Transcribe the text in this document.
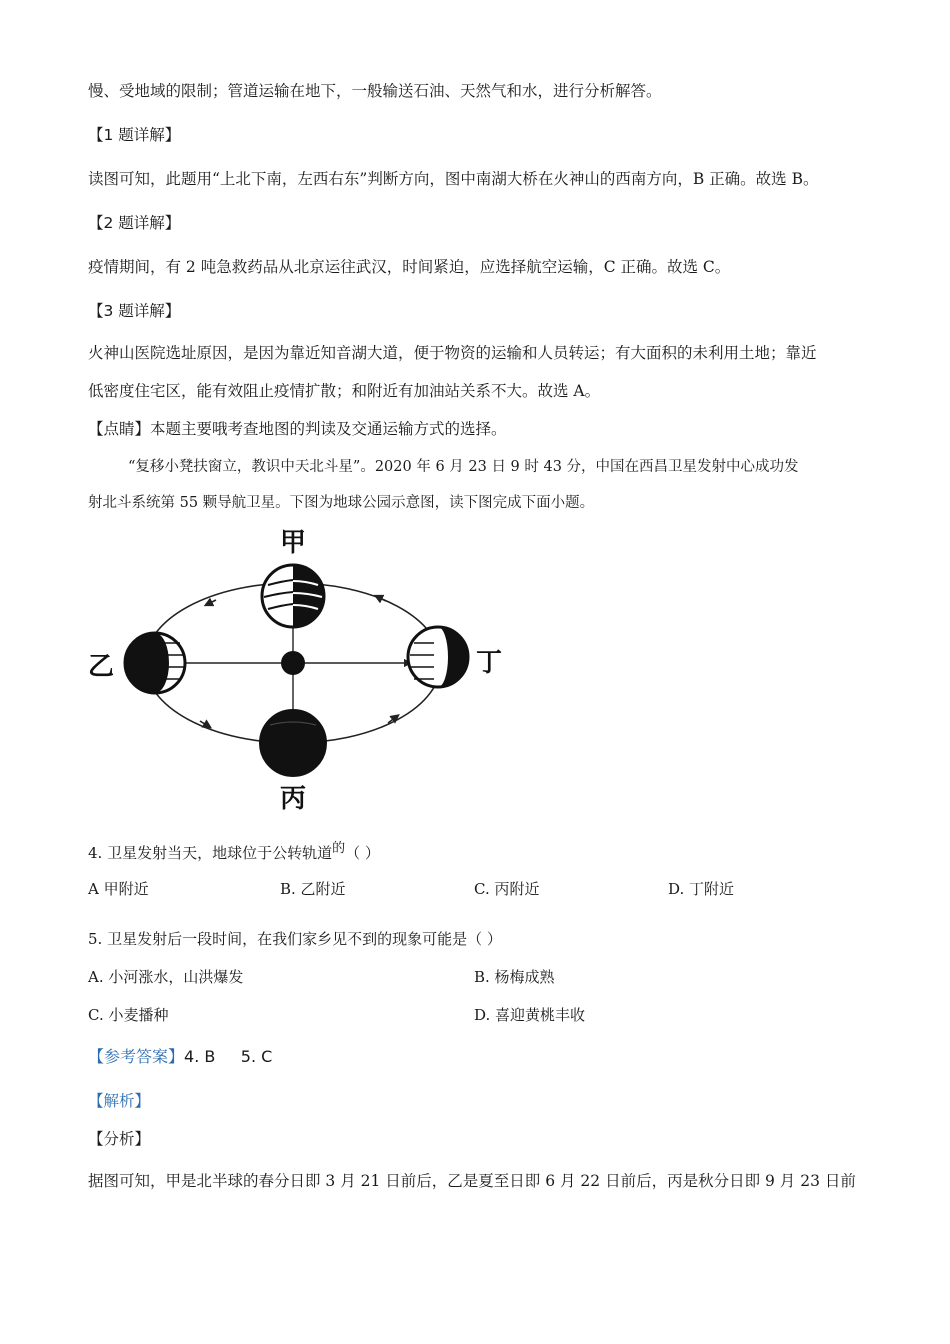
慢、受地域的限制；管道运输在地下，一般输送石油、天然气和水，进行分析解答。
【1 题详解】
读图可知，此题用“上北下南，左西右东”判断方向，图中南湖大桥在火神山的西南方向，B 正确。故选 B。
【2 题详解】
疫情期间，有 2 吨急救药品从北京运往武汉，时间紧迫，应选择航空运输，C 正确。故选 C。
【3 题详解】
火神山医院选址原因，是因为靠近知音湖大道，便于物资的运输和人员转运；有大面积的未利用土地；靠近
低密度住宅区，能有效阻止疫情扩散；和附近有加油站关系不大。故选 A。
【点睛】本题主要哦考查地图的判读及交通运输方式的选择。
“复移小凳扶窗立，教识中天北斗星”。2020 年 6 月 23 日 9 时 43 分，中国在西昌卫星发射中心成功发
射北斗系统第 55 颗导航卫星。下图为地球公园示意图，读下图完成下面小题。
甲
乙
丙
丁
4. 卫星发射当天，地球位于公转轨道$^的$（ ）
A 甲附近	B. 乙附近	C. 丙附近	D. 丁附近
5. 卫星发射后一段时间，在我们家乡见不到的现象可能是（ ）
A. 小河涨水，山洪爆发	B. 杨梅成熟
C. 小麦播种	D. 喜迎黄桃丰收
【参考答案】4. B     5. C
【解析】
【分析】
据图可知，甲是北半球的春分日即 3 月 21 日前后，乙是夏至日即 6 月 22 日前后，丙是秋分日即 9 月 23 日前
